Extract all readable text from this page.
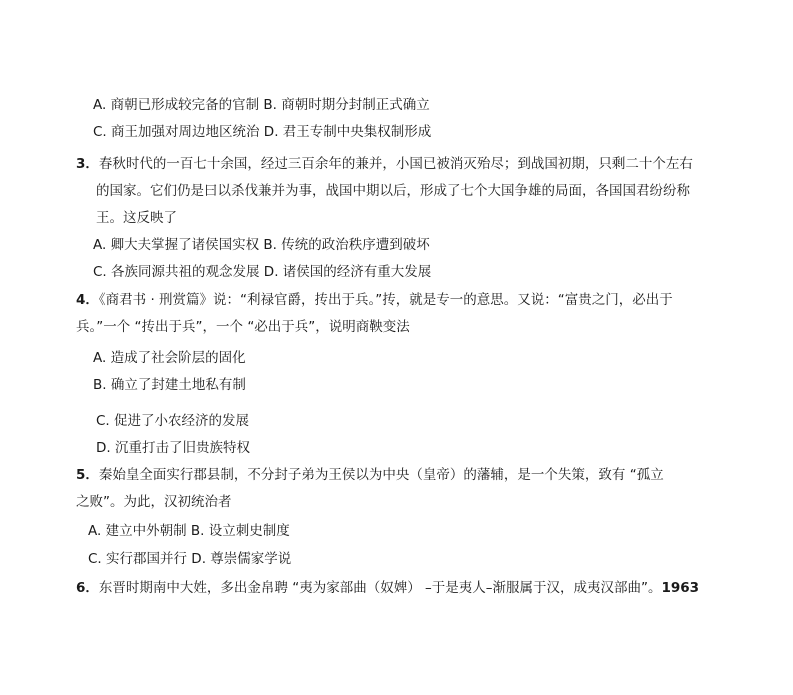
A. 商朝已形成较完备的官制 B. 商朝时期分封制正式确立
C. 商王加强对周边地区统治 D. 君王专制中央集权制形成
3．春秋时代的一百七十余国，经过三百余年的兼并，小国已被消灭殆尽；到战国初期，只剩二十个左右
的国家。它们仍是曰以杀伐兼并为事，战国中期以后，形成了七个大国争雄的局面，各国国君纷纷称
王。这反映了
A. 卿大夫掌握了诸侯国实权 B. 传统的政治秩序遭到破坏
C. 各族同源共祖的观念发展 D. 诸侯国的经济有重大发展
4．《商君书 · 刑赏篇》说：“利禄官爵，抟出于兵。”抟，就是专一的意思。又说：“富贵之门，必出于
兵。”一个 “抟出于兵”，一个 “必出于兵”，说明商鞅变法
A. 造成了社会阶层的固化
B. 确立了封建土地私有制
C. 促进了小农经济的发展
D. 沉重打击了旧贵族特权
5．秦始皇全面实行郡县制，不分封子弟为王侯以为中央（皇帝）的藩辅，是一个失策，致有 “孤立
之败”。为此，汉初统治者
A. 建立中外朝制 B. 设立刺史制度
C. 实行郡国并行 D. 尊崇儒家学说
6．东晋时期南中大姓，多出金帛聘 “夷为家部曲（奴婢） –于是夷人–渐服属于汉，成夷汉部曲”。1963
